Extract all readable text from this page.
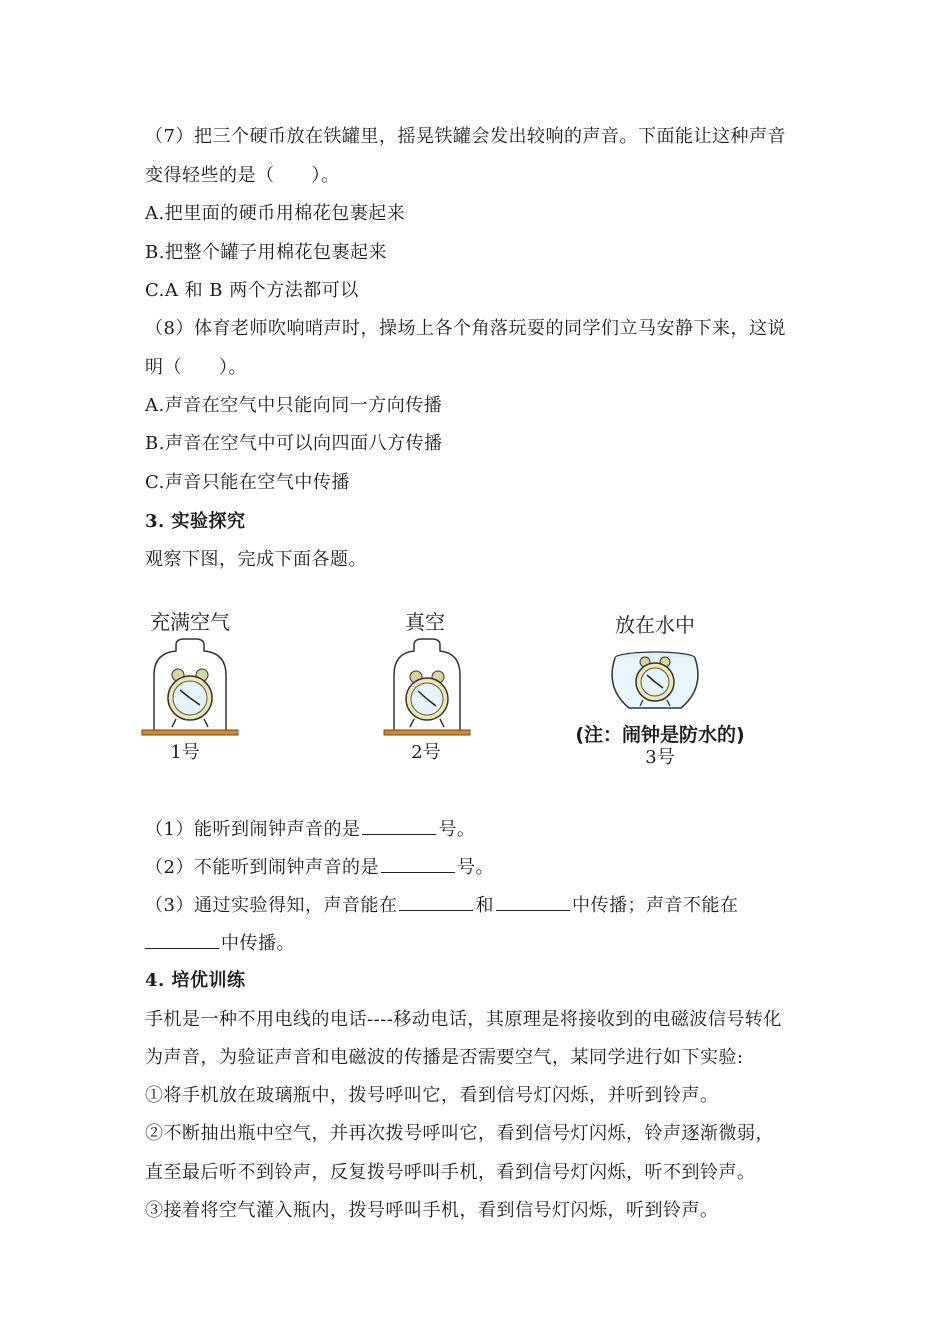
（7）把三个硬币放在铁罐里，摇晃铁罐会发出较响的声音。下面能让这种声音
变得轻些的是（　　）。
A.把里面的硬币用棉花包裹起来
B.把整个罐子用棉花包裹起来
C.A 和 B 两个方法都可以
（8）体育老师吹响哨声时，操场上各个角落玩耍的同学们立马安静下来，这说
明（　　）。
A.声音在空气中只能向同一方向传播
B.声音在空气中可以向四面八方传播
C.声音只能在空气中传播
3. 实验探究
观察下图，完成下面各题。
充满空气
1号
真空
2号
放在水中
(注：闹钟是防水的)
3号
（1）能听到闹钟声音的是	号。
（2）不能听到闹钟声音的是	号。
（3）通过实验得知，声音能在	和	中传播；声音不能在
中传播。
4. 培优训练
手机是一种不用电线的电话----移动电话，其原理是将接收到的电磁波信号转化
为声音，为验证声音和电磁波的传播是否需要空气，某同学进行如下实验:
①将手机放在玻璃瓶中，拨号呼叫它，看到信号灯闪烁，并听到铃声。
②不断抽出瓶中空气，并再次拨号呼叫它，看到信号灯闪烁，铃声逐渐微弱，
直至最后听不到铃声，反复拨号呼叫手机，看到信号灯闪烁，听不到铃声。
③接着将空气灌入瓶内，拨号呼叫手机，看到信号灯闪烁，听到铃声。
